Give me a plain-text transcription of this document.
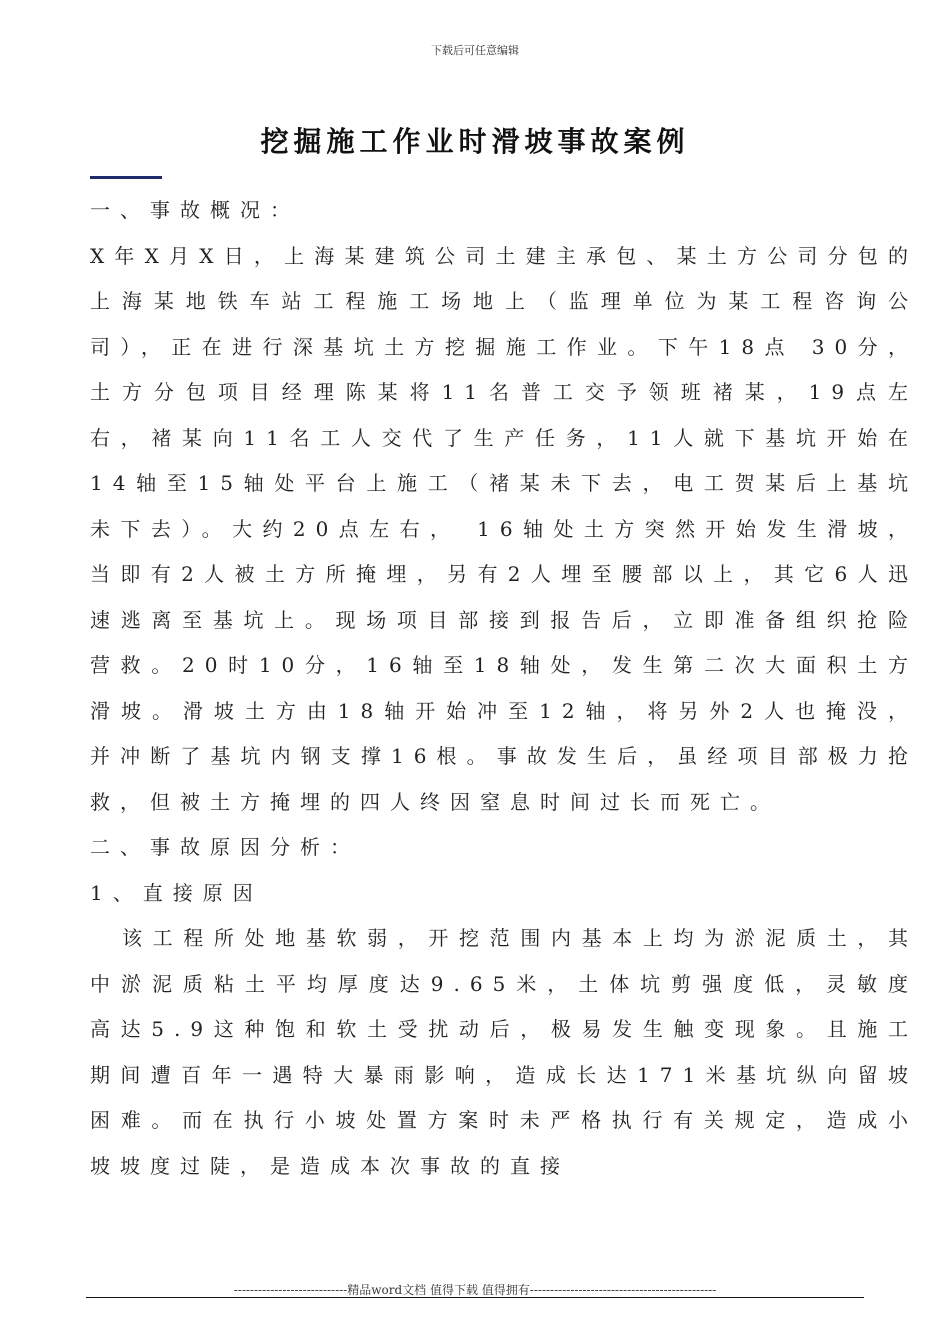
下载后可任意编辑
挖掘施工作业时滑坡事故案例

一、事故概况：

X年X月X日，上海某建筑公司土建主承包、某土方公司分包的上海某地铁车站工程施工场地上（监理单位为某工程咨询公司），正在进行深基坑土方挖掘施工作业。下午18点 30分，土方分包项目经理陈某将11名普工交予领班褚某，19点左右，褚某向11名工人交代了生产任务，11人就下基坑开始在14轴至15轴处平台上施工（褚某未下去，电工贺某后上基坑未下去）。大约20点左右， 16轴处土方突然开始发生滑坡，当即有2人被土方所掩埋，另有2人埋至腰部以上，其它6人迅速逃离至基坑上。现场项目部接到报告后，立即准备组织抢险营救。20时10分，16轴至18轴处，发生第二次大面积土方滑坡。滑坡土方由18轴开始冲至12轴，将另外2人也掩没，并冲断了基坑内钢支撑16根。事故发生后，虽经项目部极力抢救，但被土方掩埋的四人终因窒息时间过长而死亡。

二、事故原因分析：

1、直接原因

该工程所处地基软弱，开挖范围内基本上均为淤泥质土，其中淤泥质粘土平均厚度达9.65米，土体坑剪强度低，灵敏度高达5.9这种饱和软土受扰动后，极易发生触变现象。且施工期间遭百年一遇特大暴雨影响，造成长达171米基坑纵向留坡困难。而在执行小坡处置方案时未严格执行有关规定，造成小坡坡度过陡，是造成本次事故的直接

----------------------------精品word文档 值得下载 值得拥有----------------------------------------------
